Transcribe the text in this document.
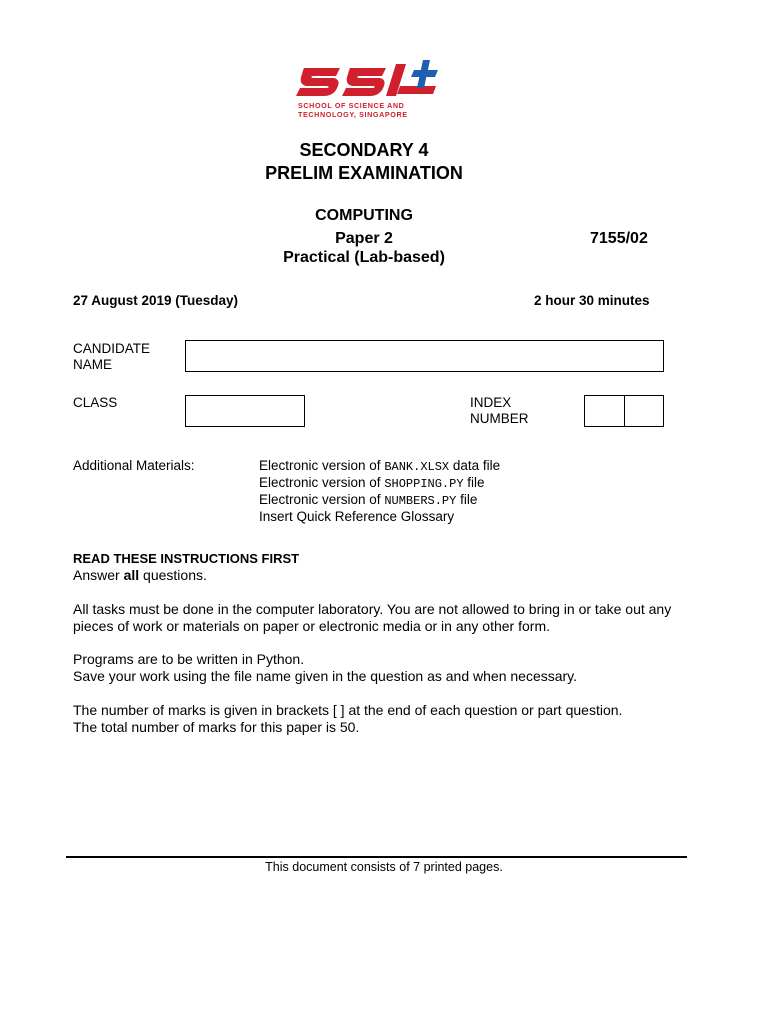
SCHOOL OF SCIENCE AND
TECHNOLOGY, SINGAPORE
SECONDARY 4
PRELIM EXAMINATION
COMPUTING
Paper 2	7155/02
Practical (Lab-based)
27 August 2019 (Tuesday)	2 hour 30 minutes
CANDIDATE
NAME
CLASS	INDEX
NUMBER
Additional Materials:	Electronic version of BANK.XLSX data file
Electronic version of SHOPPING.PY file
Electronic version of NUMBERS.PY file
Insert Quick Reference Glossary
READ THESE INSTRUCTIONS FIRST
Answer all questions.
All tasks must be done in the computer laboratory. You are not allowed to bring in or take out any pieces of work or materials on paper or electronic media or in any other form.
Programs are to be written in Python.
Save your work using the file name given in the question as and when necessary.
The number of marks is given in brackets [ ] at the end of each question or part question.
The total number of marks for this paper is 50.
This document consists of 7 printed pages.
